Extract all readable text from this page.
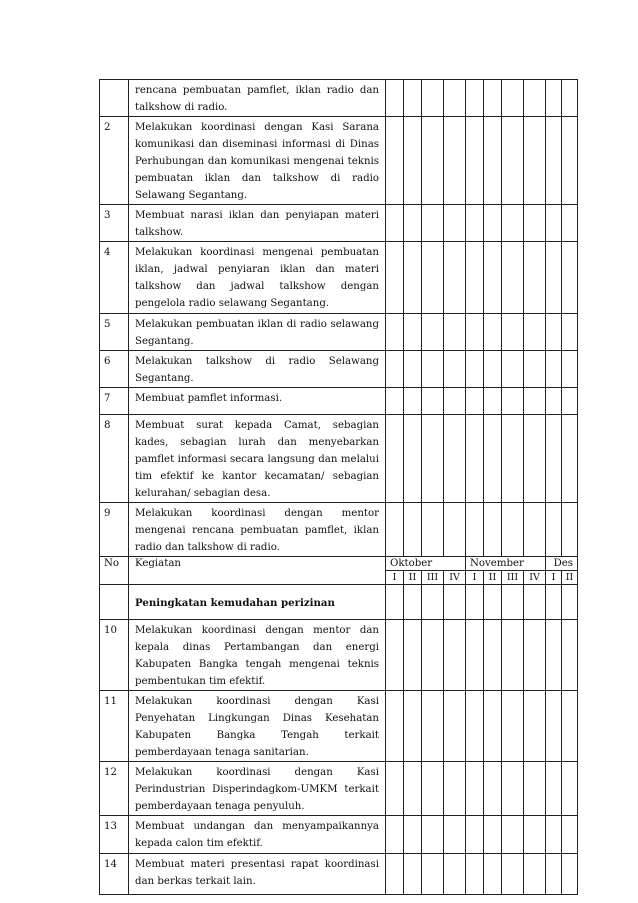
	rencana pembuatan pamflet, iklan radio dan talkshow di radio.										
2	Melakukan koordinasi dengan Kasi Sarana komunikasi dan diseminasi informasi di Dinas Perhubungan dan komunikasi mengenai teknis pembuatan iklan dan talkshow di radio Selawang Segantang.										
3	Membuat narasi iklan dan penyiapan materi talkshow.										
4	Melakukan koordinasi mengenai pembuatan iklan, jadwal penyiaran iklan dan materi talkshow dan jadwal talkshow dengan pengelola radio selawang Segantang.										
5	Melakukan pembuatan iklan di radio selawang Segantang.										
6	Melakukan talkshow di radio Selawang Segantang.										
7	Membuat pamflet informasi.										
8	Membuat surat kepada Camat, sebagian kades, sebagian lurah dan menyebarkan pamflet informasi secara langsung dan melalui tim efektif ke kantor kecamatan/ sebagian kelurahan/ sebagian desa.										
9	Melakukan koordinasi dengan mentor mengenai rencana pembuatan pamflet, iklan radio dan talkshow di radio.										
No	Kegiatan	Oktober				November				Des	
		I	II	III	IV	I	II	III	IV	I	II
	Peningkatan kemudahan perizinan										
10	Melakukan koordinasi dengan mentor dan kepala dinas Pertambangan dan energi Kabupaten Bangka tengah mengenai teknis pembentukan tim efektif.										
11	Melakukan koordinasi dengan Kasi Penyehatan Lingkungan Dinas Kesehatan Kabupaten Bangka Tengah terkait pemberdayaan tenaga sanitarian.										
12	Melakukan koordinasi dengan Kasi Perindustrian Disperindagkom-UMKM terkait pemberdayaan tenaga penyuluh.										
13	Membuat undangan dan menyampaikannya kepada calon tim efektif.										
14	Membuat materi presentasi rapat koordinasi dan berkas terkait lain.										
